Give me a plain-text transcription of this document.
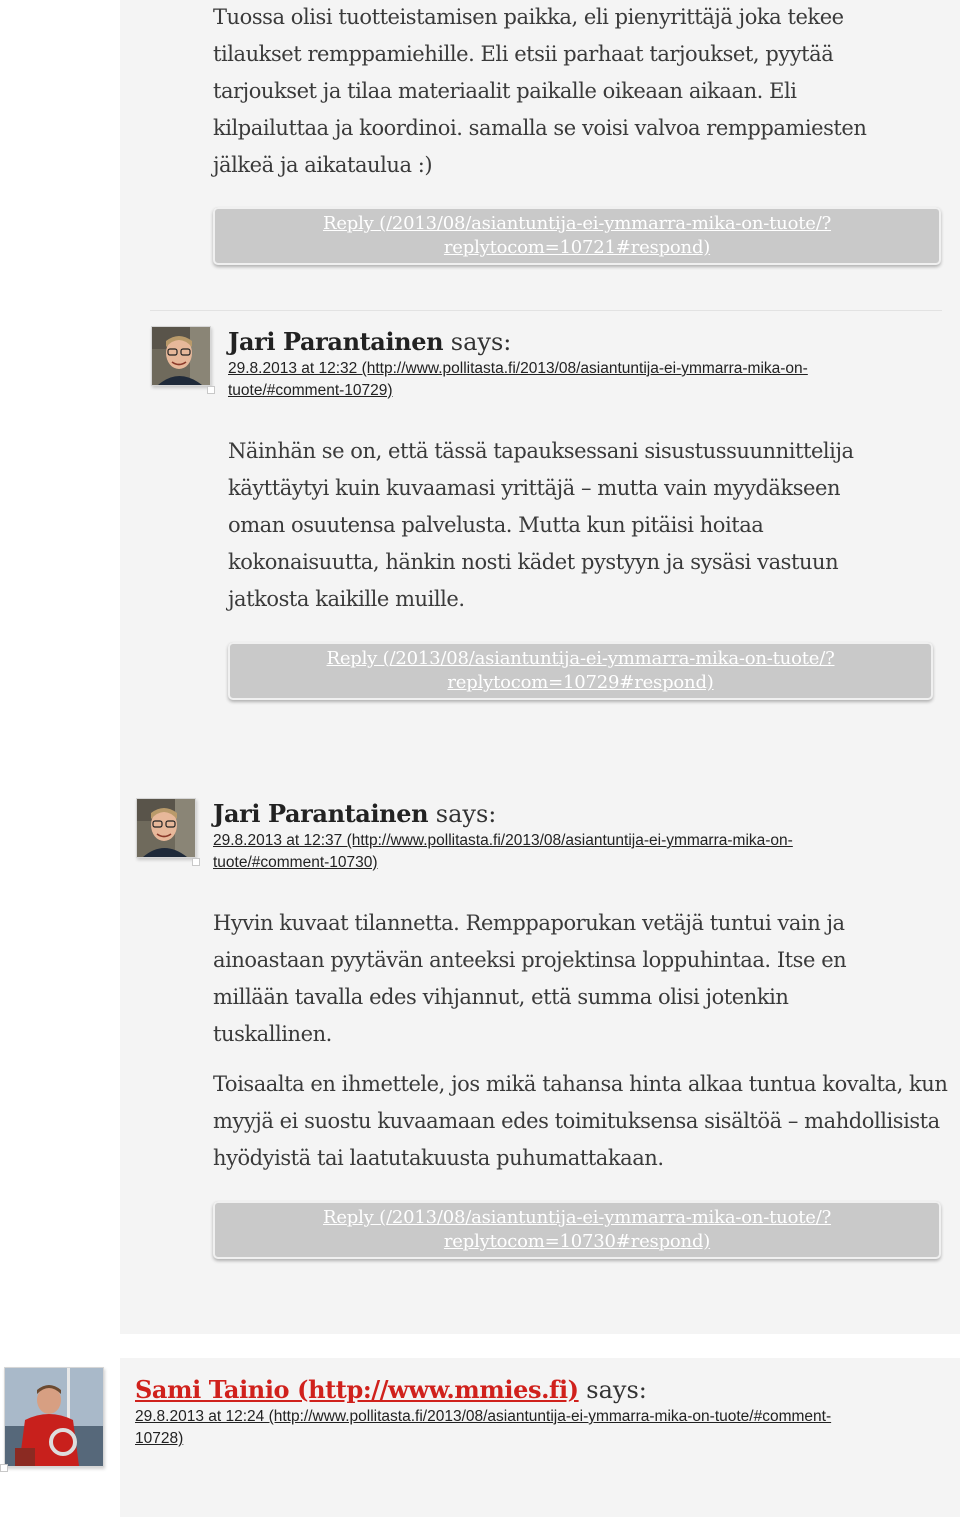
Tuossa olisi tuotteistamisen paikka, eli pienyrittäjä joka tekee tilaukset remppamiehille. Eli etsii parhaat tarjoukset, pyytää tarjoukset ja tilaa materiaalit paikalle oikeaan aikaan. Eli kilpailuttaa ja koordinoi. samalla se voisi valvoa remppamiesten jälkeä ja aikataulua :)

Reply (/2013/08/asiantuntija-ei-ymmarra-mika-on-tuote/?
replytocom=10721#respond)
Jari Parantainen says:
29.8.2013 at 12:32 (http://www.pollitasta.fi/2013/08/asiantuntija-ei-ymmarra-mika-on-
tuote/#comment-10729)

Näinhän se on, että tässä tapauksessani sisustussuunnittelija käyttäytyi kuin kuvaamasi yrittäjä – mutta vain myydäkseen oman osuutensa palvelusta. Mutta kun pitäisi hoitaa kokonaisuutta, hänkin nosti kädet pystyyn ja sysäsi vastuun jatkosta kaikille muille.

Reply (/2013/08/asiantuntija-ei-ymmarra-mika-on-tuote/?
replytocom=10729#respond)
Jari Parantainen says:
29.8.2013 at 12:37 (http://www.pollitasta.fi/2013/08/asiantuntija-ei-ymmarra-mika-on-
tuote/#comment-10730)

Hyvin kuvaat tilannetta. Remppaporukan vetäjä tuntui vain ja ainoastaan pyytävän anteeksi projektinsa loppuhintaa. Itse en millään tavalla edes vihjannut, että summa olisi jotenkin tuskallinen.

Toisaalta en ihmettele, jos mikä tahansa hinta alkaa tuntua kovalta, kun myyjä ei suostu kuvaamaan edes toimituksensa sisältöä – mahdollisista hyödyistä tai laatutakuusta puhumattakaan.

Reply (/2013/08/asiantuntija-ei-ymmarra-mika-on-tuote/?
replytocom=10730#respond)
Sami Tainio (http://www.mmies.fi) says:
29.8.2013 at 12:24 (http://www.pollitasta.fi/2013/08/asiantuntija-ei-ymmarra-mika-on-tuote/#comment-
10728)
